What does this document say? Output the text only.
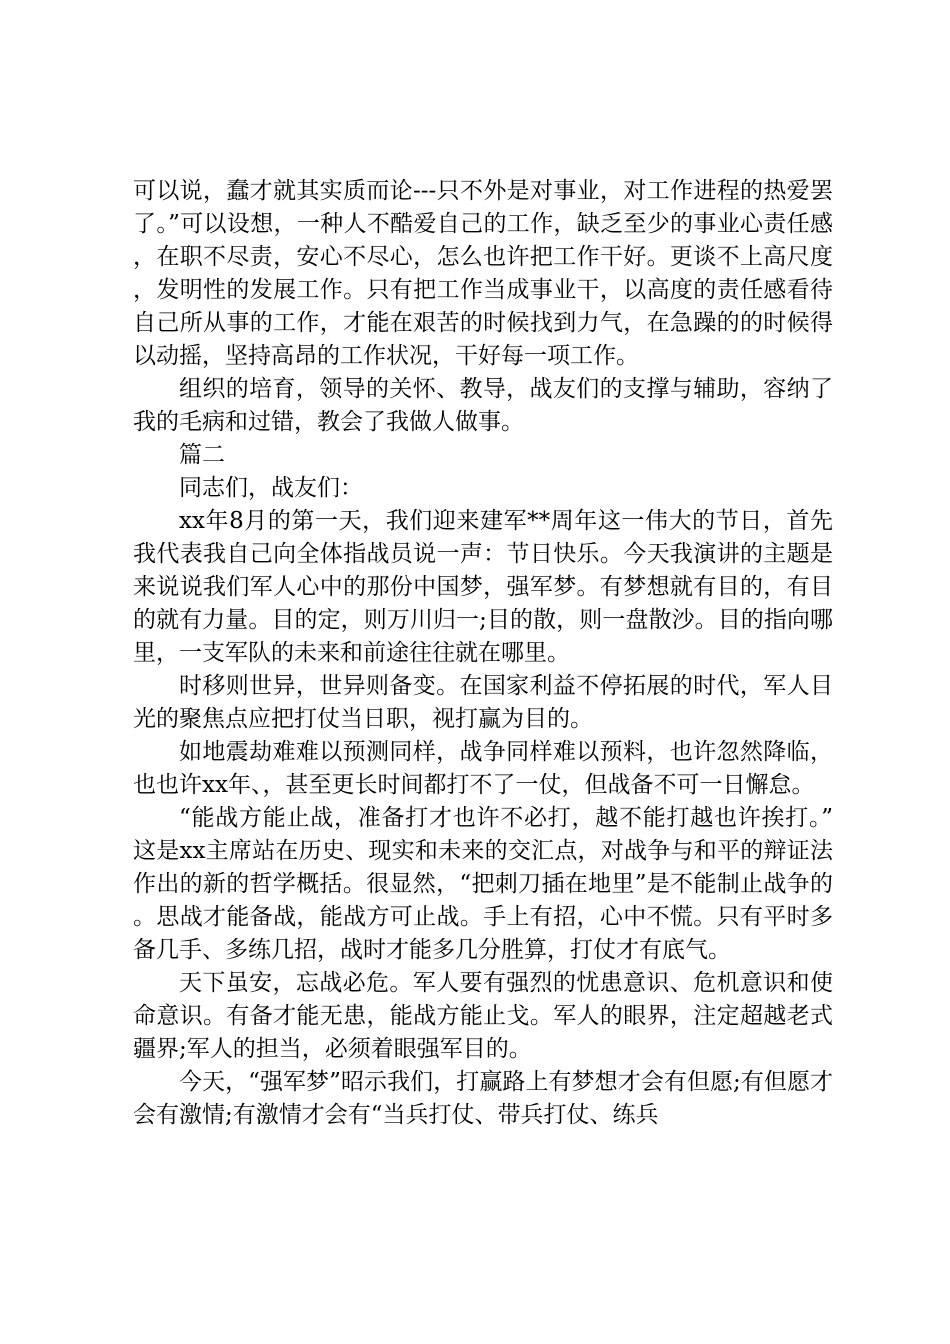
可以说，蠢才就其实质而论---只不外是对事业，对工作进程的热爱罢了。”可以设想，一种人不酷爱自己的工作，缺乏至少的事业心责任感，在职不尽责，安心不尽心，怎么也许把工作干好。更谈不上高尺度，发明性的发展工作。只有把工作当成事业干，以高度的责任感看待自己所从事的工作，才能在艰苦的时候找到力气，在急躁的的时候得以动摇，坚持高昂的工作状况，干好每一项工作。

组织的培育，领导的关怀、教导，战友们的支撑与辅助，容纳了我的毛病和过错，教会了我做人做事。

篇二

同志们，战友们：

xx年8月的第一天，我们迎来建军**周年这一伟大的节日，首先我代表我自己向全体指战员说一声：节日快乐。今天我演讲的主题是来说说我们军人心中的那份中国梦，强军梦。有梦想就有目的，有目的就有力量。目的定，则万川归一;目的散，则一盘散沙。目的指向哪里，一支军队的未来和前途往往就在哪里。

时移则世异，世异则备变。在国家利益不停拓展的时代，军人目光的聚焦点应把打仗当日职，视打赢为目的。

如地震劫难难以预测同样，战争同样难以预料，也许忽然降临，也也许xx年、，甚至更长时间都打不了一仗，但战备不可一日懈怠。

“能战方能止战，准备打才也许不必打，越不能打越也许挨打。”这是xx主席站在历史、现实和未来的交汇点，对战争与和平的辩证法作出的新的哲学概括。很显然，“把刺刀插在地里”是不能制止战争的。思战才能备战，能战方可止战。手上有招，心中不慌。只有平时多备几手、多练几招，战时才能多几分胜算，打仗才有底气。

天下虽安，忘战必危。军人要有强烈的忧患意识、危机意识和使命意识。有备才能无患，能战方能止戈。军人的眼界，注定超越老式疆界;军人的担当，必须着眼强军目的。

今天，“强军梦”昭示我们，打赢路上有梦想才会有但愿;有但愿才会有激情;有激情才会有“当兵打仗、带兵打仗、练兵
